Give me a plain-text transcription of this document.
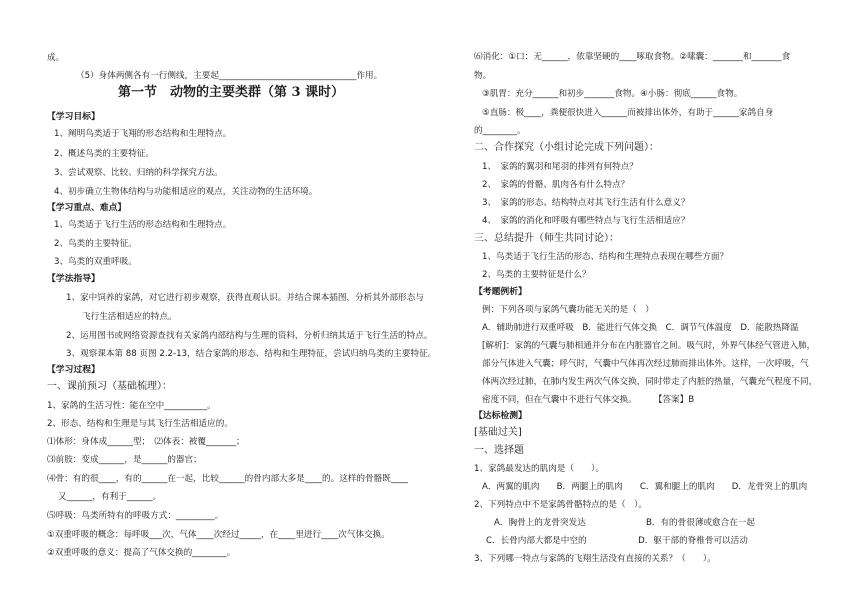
成。
（5）身体两侧各有一行侧线，主要起________________________________作用。
第一节　动物的主要类群（第 3 课时）
【学习目标】
1、阐明鸟类适于飞翔的形态结构和生理特点。
2、概述鸟类的主要特征。
3、尝试观察、比较、归纳的科学探究方法。
4、初步确立生物体结构与功能相适应的观点，关注动物的生活环境。
【学习重点、难点】
1、鸟类适于飞行生活的形态结构和生理特点。
2、鸟类的主要特征。
3、鸟类的双重呼吸。
【学法指导】
1、家中饲养的家鸽，对它进行初步观察，获得直观认识。并结合课本插图，分析其外部形态与
飞行生活相适应的特点。
2、运用图书或网络资源查找有关家鸽内部结构与生理的资料，分析归纳其适于飞行生活的特点。
3、观察课本第 88 页图 2.2-13，结合家鸽的形态、结构和生理特征，尝试归纳鸟类的主要特征。
【学习过程】
一、课前预习（基础梳理）：
1、家鸽的生活习性：能在空中__________。
2、形态、结构和生理是与其飞行生活相适应的。
⑴体形：身体成______型；　⑵体表：被覆_______；
⑶前肢：变成______，是______的器官；
⑷骨：有的很____，有的______在一起，比较______的骨内部大多是____的。这样的骨骼既____
又______，有利于______。
⑸呼吸：鸟类所特有的呼吸方式：_________。
①双重呼吸的概念：每呼吸___次，气体____次经过_____，在____里进行____次气体交换。
②双重呼吸的意义：提高了气体交换的________。
⑹消化：①口：无______，依靠坚硬的____啄取食物。②嗉囊：_______和_______食
物。
③肌胃：充分______和初步_______食物。④小肠：彻底______食物。
⑤直肠：极____，粪便很快进入______而被排出体外，有助于______家鸽自身
的________。
二、合作探究（小组讨论完成下列问题）：
1、　家鸽的翼羽和尾羽的排列有何特点？
2、　家鸽的骨骼、肌肉各有什么特点？
3、　家鸽的形态、结构特点对其飞行生活有什么意义？
4、　家鸽的消化和呼吸有哪些特点与飞行生活相适应？
三、总结提升（师生共同讨论）：
1、鸟类适于飞行生活的形态、结构和生理特点表现在哪些方面？
2、鸟类的主要特征是什么？
【考题例析】
例：下列各项与家鸽气囊功能无关的是（　）
A．辅助肺进行双重呼吸　B．能进行气体交换　C．调节气体温度　D．能散热降温
[解析]：家鸽的气囊与肺相通并分布在内脏器官之间。吸气时，外界气体经气管进入肺，
部分气体进入气囊；呼气时，气囊中气体再次经过肺而排出体外。这样，一次呼吸，气
体两次经过肺，在肺内发生两次气体交换，同时带走了内脏的热量，气囊充气程度不同，
密度不同，但在气囊中不进行气体交换。　　　【答案】B
【达标检测】
[基础过关]
一、选择题
1、家鸽最发达的肌肉是（　　）。
A．两翼的肌肉　　B．两腿上的肌肉　　C．翼和腿上的肌肉　　D．龙骨突上的肌肉
2、下列特点中不是家鸽骨骼特点的是（　）。
A．胸骨上的龙骨突发达　　　　　　　B．有的骨很薄或愈合在一起
C．长骨内部大都是中空的　　　　　　D．躯干部的脊椎骨可以活动
3、下列哪一特点与家鸽的飞翔生活没有直接的关系？（　　）。
